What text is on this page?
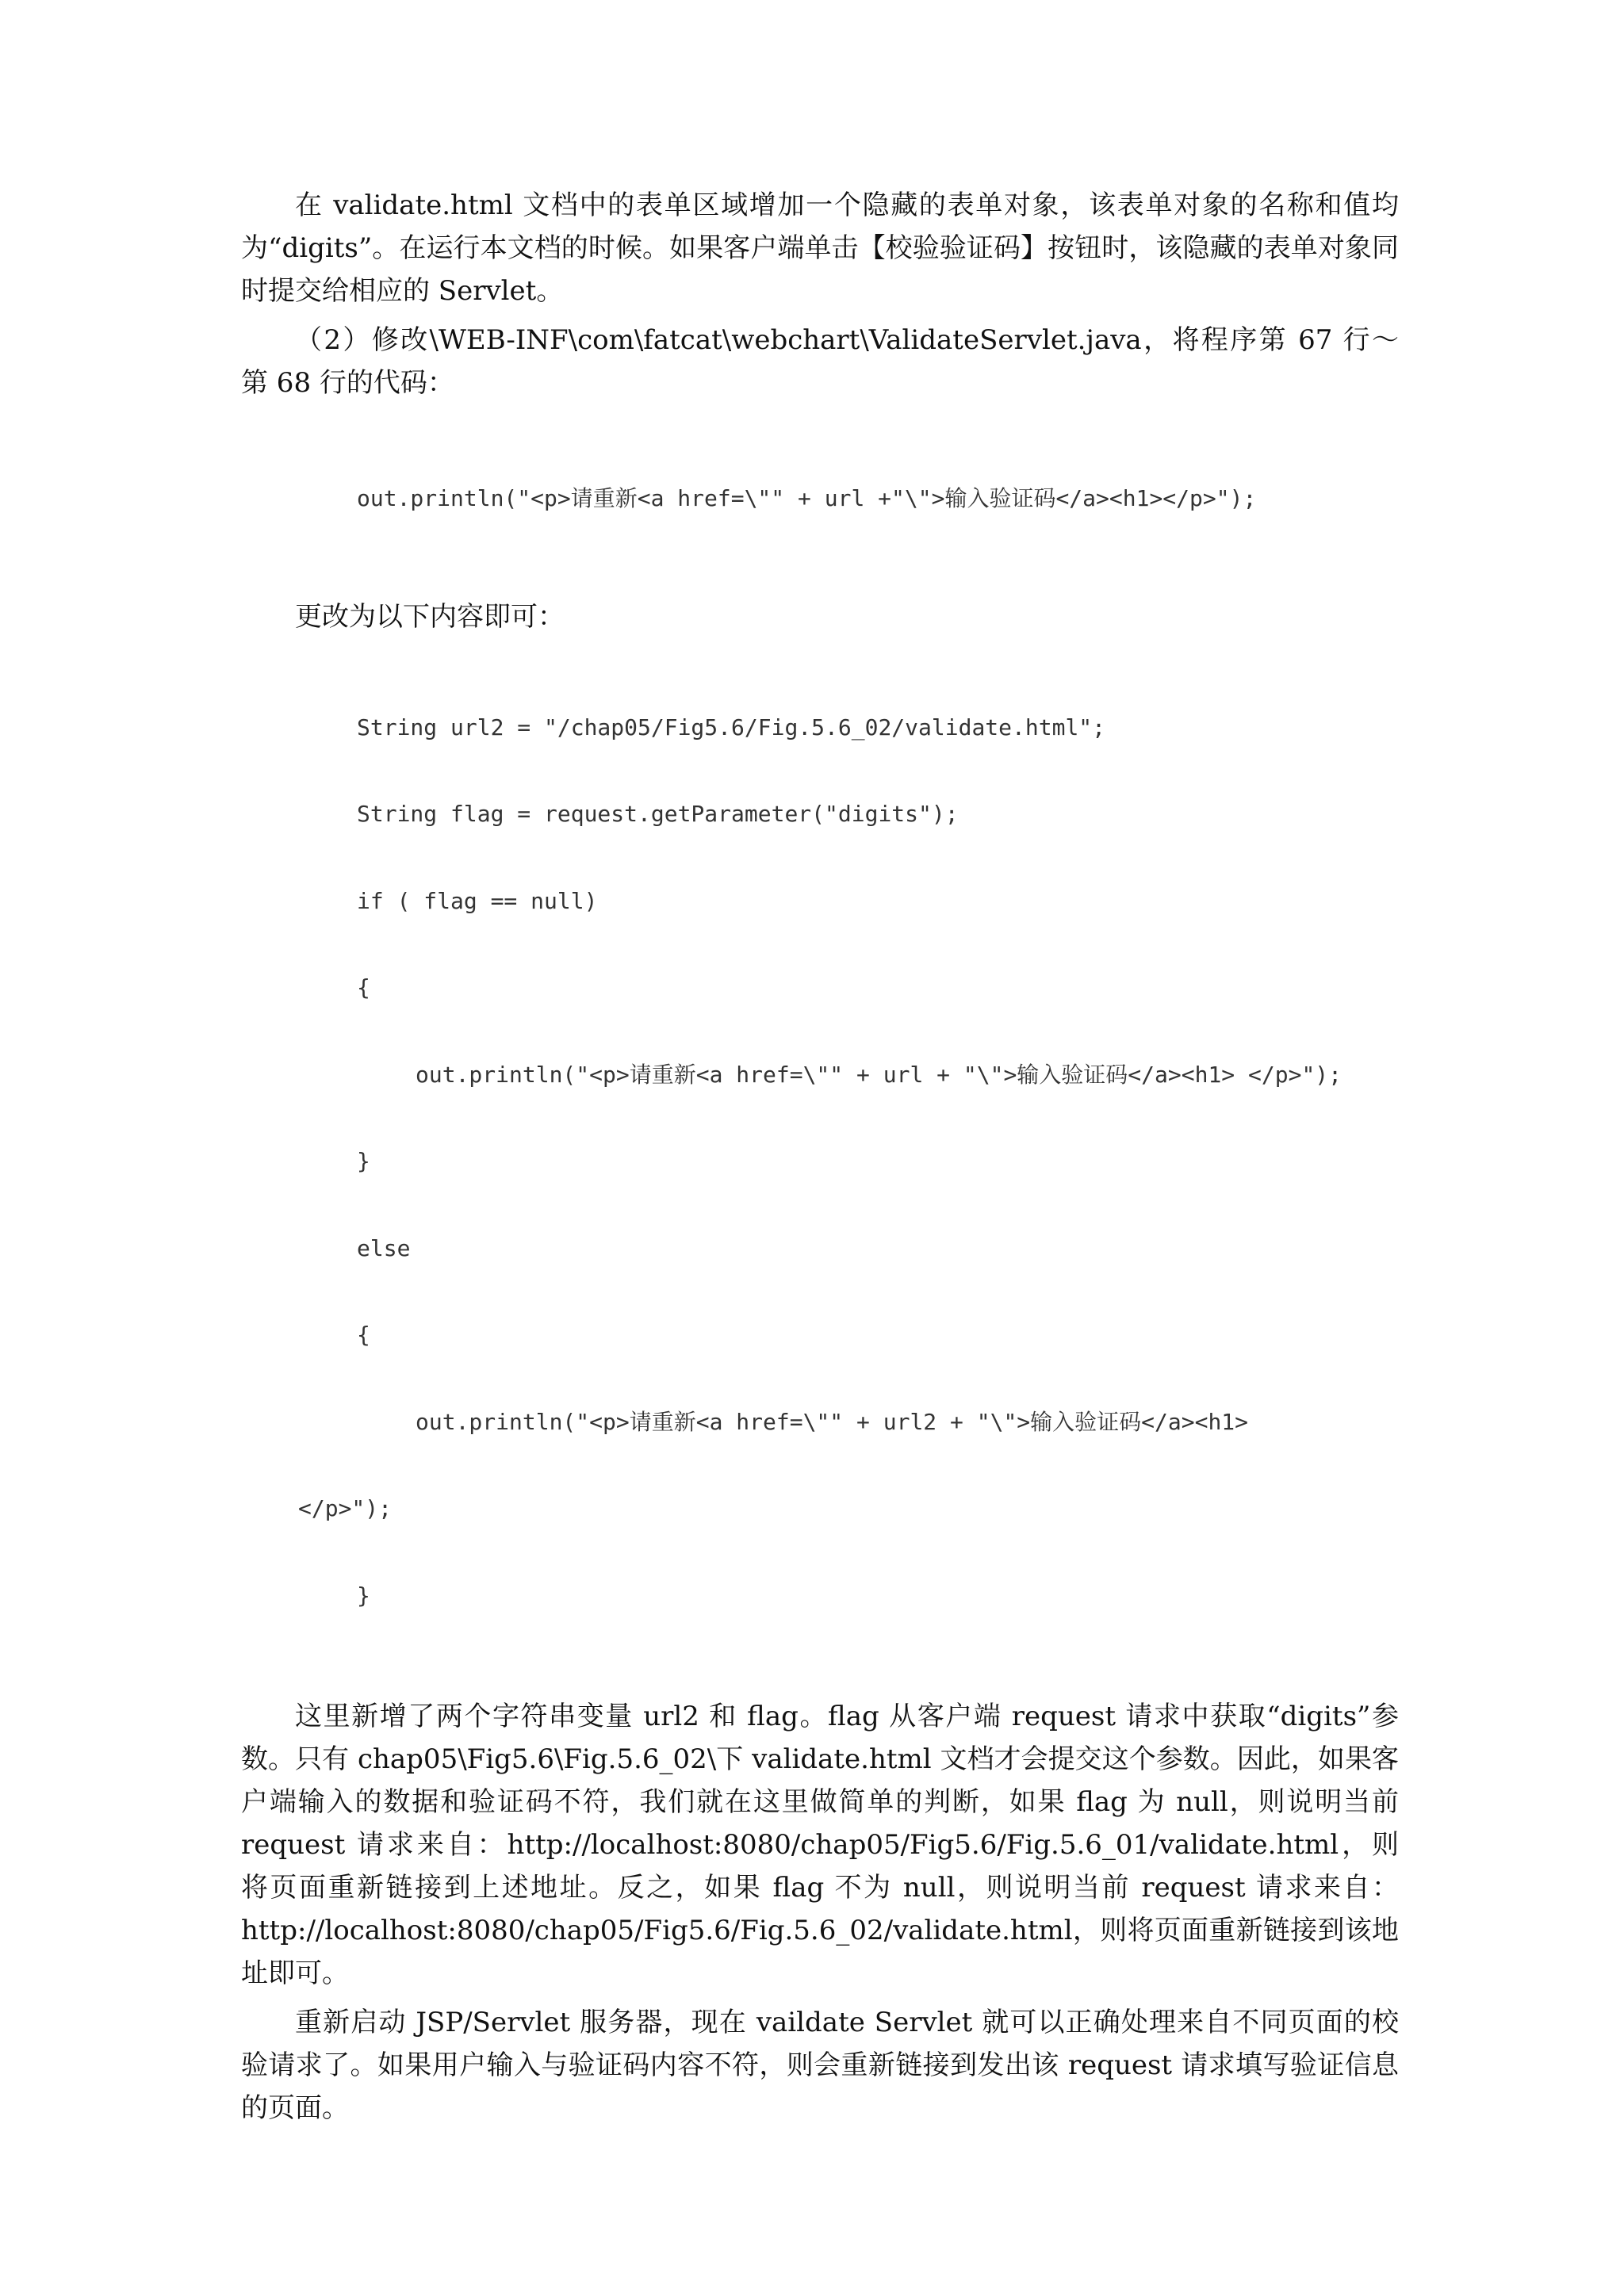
在 validate.html 文档中的表单区域增加一个隐藏的表单对象，该表单对象的名称和值均为“digits”。在运行本文档的时候。如果客户端单击【校验验证码】按钮时，该隐藏的表单对象同时提交给相应的 Servlet。

（2）修改\WEB-INF\com\fatcat\webchart\ValidateServlet.java，将程序第 67 行～第 68 行的代码：

out.println("<p>请重新<a href=\"" + url +"\">输入验证码</a><h1></p>");

更改为以下内容即可：

String url2 = "/chap05/Fig5.6/Fig.5.6_02/validate.html";

String flag = request.getParameter("digits");

if ( flag == null)

{

out.println("<p>请重新<a href=\"" + url + "\">输入验证码</a><h1> </p>");

}

else

{

out.println("<p>请重新<a href=\"" + url2 + "\">输入验证码</a><h1>

</p>");

}

这里新增了两个字符串变量 url2 和 flag。flag 从客户端 request 请求中获取“digits”参数。只有 chap05\Fig5.6\Fig.5.6_02\下 validate.html 文档才会提交这个参数。因此，如果客户端输入的数据和验证码不符，我们就在这里做简单的判断，如果 flag 为 null，则说明当前 request 请求来自：http://localhost:8080/chap05/Fig5.6/Fig.5.6_01/validate.html，则将页面重新链接到上述地址。反之，如果 flag 不为 null，则说明当前 request 请求来自：http://localhost:8080/chap05/Fig5.6/Fig.5.6_02/validate.html，则将页面重新链接到该地址即可。

重新启动 JSP/Servlet 服务器，现在 vaildate Servlet 就可以正确处理来自不同页面的校验请求了。如果用户输入与验证码内容不符，则会重新链接到发出该 request 请求填写验证信息的页面。
